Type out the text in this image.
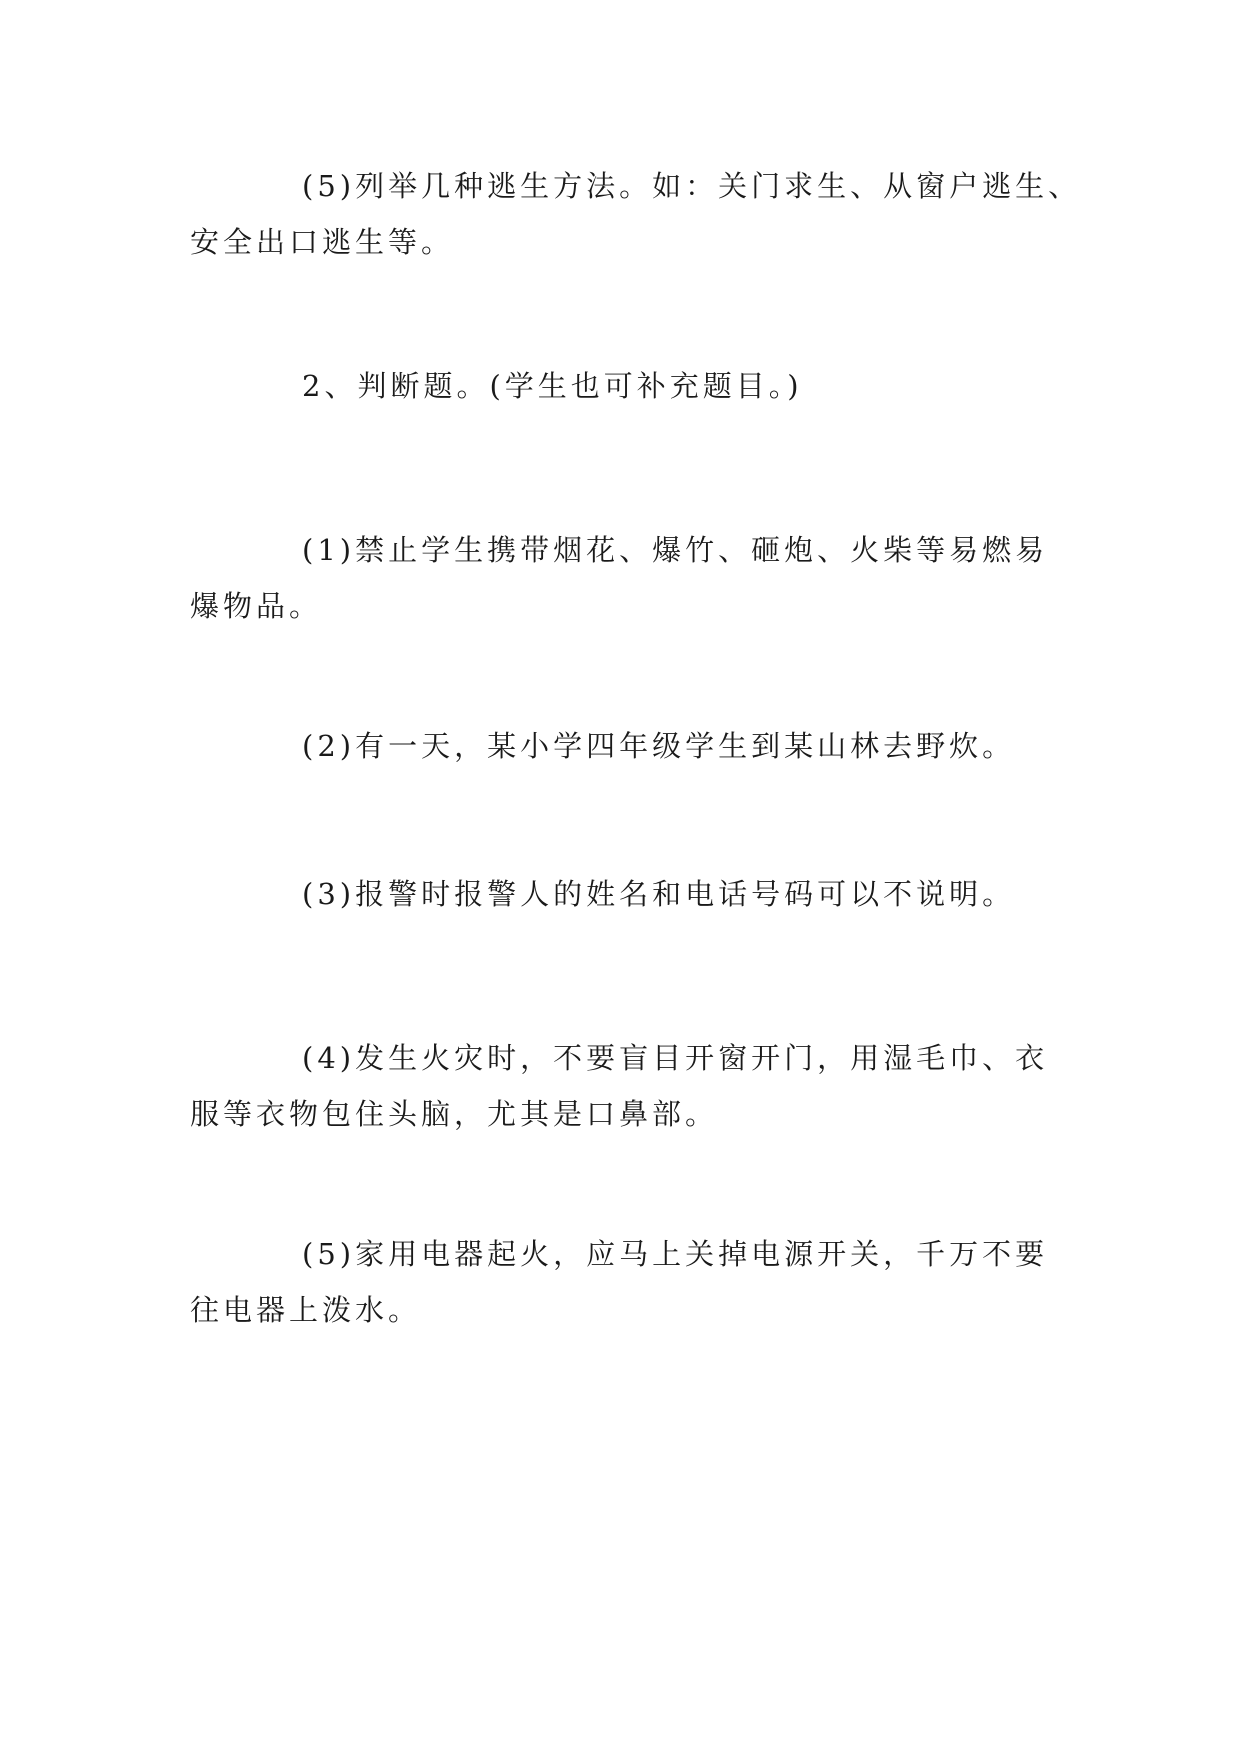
(5)列举几种逃生方法。如：关门求生、从窗户逃生、
安全出口逃生等。

2、判断题。(学生也可补充题目。)

(1)禁止学生携带烟花、爆竹、砸炮、火柴等易燃易
爆物品。

(2)有一天，某小学四年级学生到某山林去野炊。

(3)报警时报警人的姓名和电话号码可以不说明。

(4)发生火灾时，不要盲目开窗开门，用湿毛巾、衣
服等衣物包住头脑，尤其是口鼻部。

(5)家用电器起火，应马上关掉电源开关，千万不要
往电器上泼水。
